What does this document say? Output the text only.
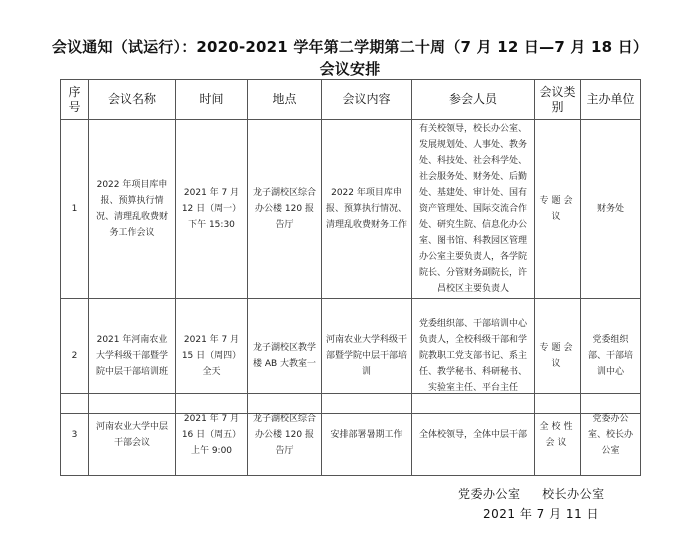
会议通知（试运行）：2020-2021 学年第二学期第二十周（7 月 12 日—7 月 18 日）
会议安排
序号	会议名称	时间	地点	会议内容	参会人员	会议类别	主办单位
1	2022 年项目库申报、预算执行情况、清理乱收费财务工作会议	2021 年 7 月 12 日（周一）下午 15:30	龙子湖校区综合办公楼 120 报告厅	2022 年项目库申报、预算执行情况、清理乱收费财务工作	有关校领导，校长办公室、发展规划处、人事处、教务处、科技处、社会科学处、社会服务处、财务处、后勤处、基建处、审计处、国有资产管理处、国际交流合作处、研究生院、信息化办公室、图书馆、科教园区管理办公室主要负责人，各学院院长、分管财务副院长，许昌校区主要负责人	专题会议	财务处
2	2021 年河南农业大学科级干部暨学院中层干部培训班	2021 年 7 月 15 日（周四）全天	龙子湖校区教学楼 AB 大教室一	河南农业大学科级干部暨学院中层干部培训	党委组织部、干部培训中心负责人，全校科级干部和学院教职工党支部书记、系主任、教学秘书、科研秘书、实验室主任、平台主任	专题会议	党委组织部、干部培训中心
3	河南农业大学中层干部会议	2021 年 7 月 16 日（周五）上午 9:00	龙子湖校区综合办公楼 120 报告厅	安排部署暑期工作	全体校领导，全体中层干部	全校性会议	党委办公室、校长办公室
党委办公室     校长办公室
2021 年 7 月 11 日
